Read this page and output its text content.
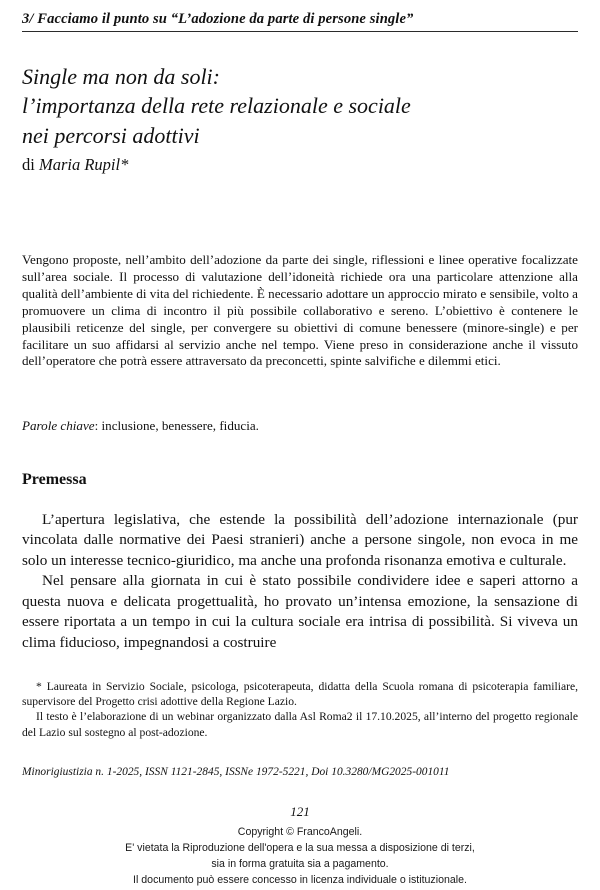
3/ Facciamo il punto su “L’adozione da parte di persone single”
Single ma non da soli:
l’importanza della rete relazionale e sociale
nei percorsi adottivi
di Maria Rupil*
Vengono proposte, nell’ambito dell’adozione da parte dei single, riflessioni e linee operative focalizzate sull’area sociale. Il processo di valutazione dell’idoneità richiede ora una particolare attenzione alla qualità dell’ambiente di vita del richiedente. È necessario adottare un approccio mirato e sensibile, volto a promuovere un clima di incontro il più possibile collaborativo e sereno. L’obiettivo è contenere le plausibili reticenze del single, per convergere su obiettivi di comune benessere (minore-single) e per facilitare un suo affidarsi al servizio anche nel tempo. Viene preso in considerazione anche il vissuto dell’operatore che potrà essere attraversato da preconcetti, spinte salvifiche e dilemmi etici.
Parole chiave: inclusione, benessere, fiducia.
Premessa

L’apertura legislativa, che estende la possibilità dell’adozione internazionale (pur vincolata dalle normative dei Paesi stranieri) anche a persone singole, non evoca in me solo un interesse tecnico-giuridico, ma anche una profonda risonanza emotiva e culturale.

Nel pensare alla giornata in cui è stato possibile condividere idee e saperi attorno a questa nuova e delicata progettualità, ho provato un’intensa emozione, la sensazione di essere riportata a un tempo in cui la cultura sociale era intrisa di possibilità. Si viveva un clima fiducioso, impegnandosi a costruire

* Laureata in Servizio Sociale, psicologa, psicoterapeuta, didatta della Scuola romana di psicoterapia familiare, supervisore del Progetto crisi adottive della Regione Lazio.

Il testo è l’elaborazione di un webinar organizzato dalla Asl Roma2 il 17.10.2025, all’interno del progetto regionale del Lazio sul sostegno al post-adozione.

Minorigiustizia n. 1-2025, ISSN 1121-2845, ISSNe 1972-5221, Doi 10.3280/MG2025-001011
121
Copyright © FrancoAngeli.
E' vietata la Riproduzione dell'opera e la sua messa a disposizione di terzi,
sia in forma gratuita sia a pagamento.
Il documento può essere concesso in licenza individuale o istituzionale.
